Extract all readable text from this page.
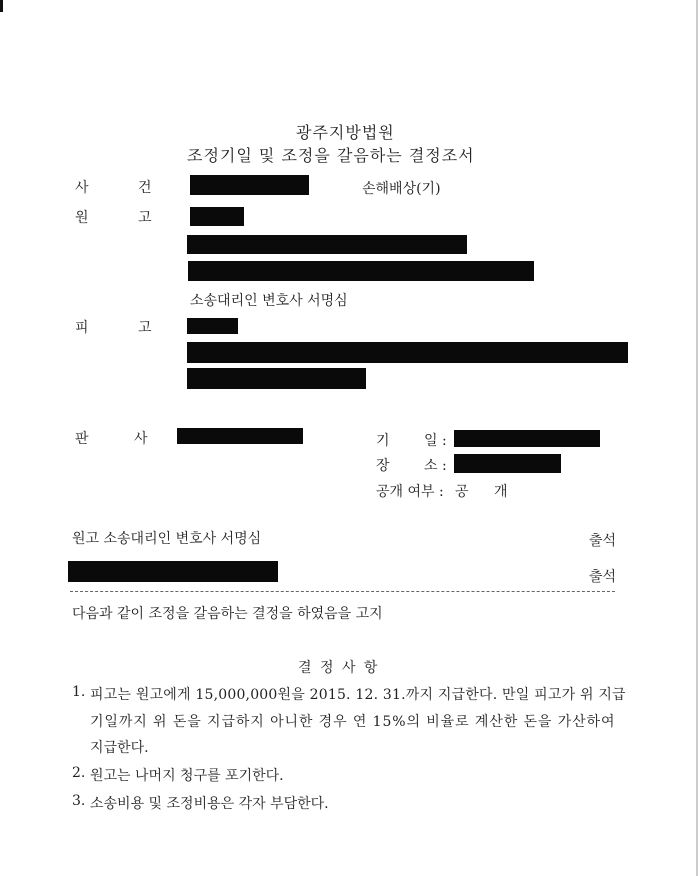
광주지방법원
조정기일 및 조정을 갈음하는 결정조서
사	건	손해배상(기)
원	고
소송대리인 변호사 서명심
피	고
판	사	기 일 :
장 소 :
공개 여부 : 공 개
원고 소송대리인 변호사 서명심	출석
출석
다음과 같이 조정을 갈음하는 결정을 하였음을 고지
결 정 사 항
1. 피고는 원고에게 15,000,000원을 2015. 12. 31.까지 지급한다. 만일 피고가 위 지급
기일까지 위 돈을 지급하지 아니한 경우 연 15%의 비율로 계산한 돈을 가산하여
지급한다.
2. 원고는 나머지 청구를 포기한다.
3. 소송비용 및 조정비용은 각자 부담한다.
